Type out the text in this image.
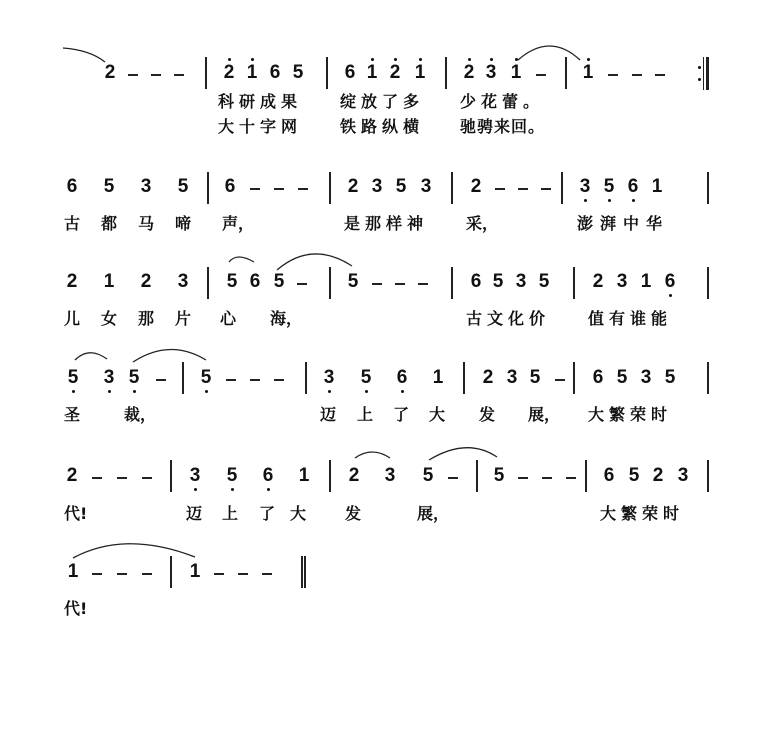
2	2 1 6 5 6 1 2 1 2 3 1	1
科研成果 绽放了多 少花蕾。
大十字网 铁路纵横 驰骋来回。
6 5 3 5 6	2 3 5 3 2	3 5 6 1
古 都 马 啼 声，	是那样神 采，	澎湃中华
2 1 2 3 5 6 5	5	6 5 3 5 2 3 1 6
儿 女 那 片 心 海，	古文化价 值有谁能
5 3 5	5	3 5 6 1 2 3 5	6 5 3 5
圣	裁，	迈 上 了 大 发 展， 大繁荣时
2	3 5 6 1 2 3 5	5	6 5 2 3
代!	迈 上 了 大 发	展，	大繁荣时
1	1
代!
